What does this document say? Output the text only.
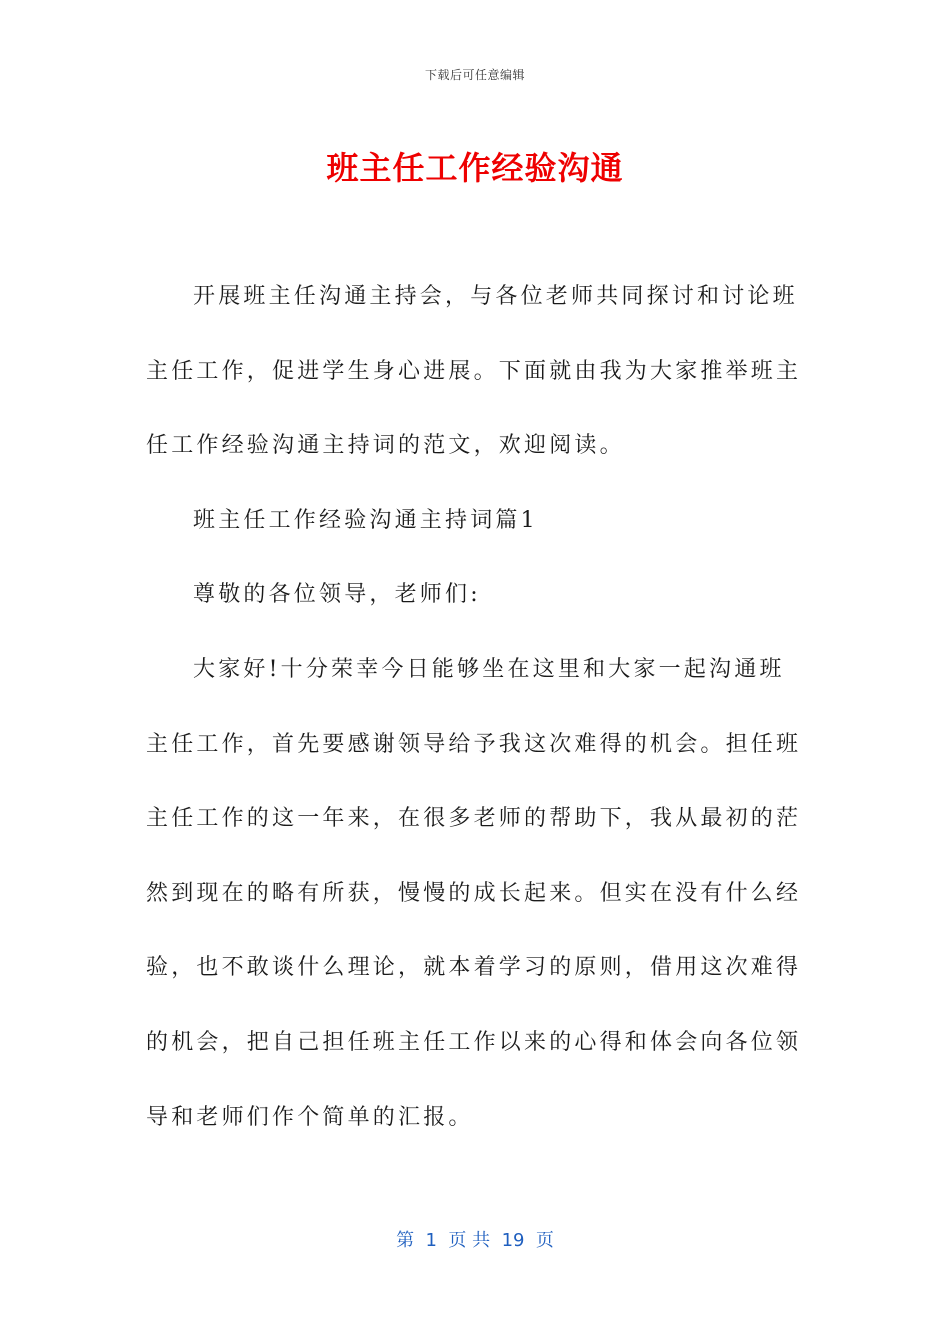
下载后可任意编辑
班主任工作经验沟通

开展班主任沟通主持会，与各位老师共同探讨和讨论班主任工作，促进学生身心进展。下面就由我为大家推举班主任工作经验沟通主持词的范文，欢迎阅读。

班主任工作经验沟通主持词篇1

尊敬的各位领导，老师们:

大家好!十分荣幸今日能够坐在这里和大家一起沟通班主任工作，首先要感谢领导给予我这次难得的机会。担任班主任工作的这一年来，在很多老师的帮助下，我从最初的茫然到现在的略有所获，慢慢的成长起来。但实在没有什么经验，也不敢谈什么理论，就本着学习的原则，借用这次难得的机会，把自己担任班主任工作以来的心得和体会向各位领导和老师们作个简单的汇报。

第  1  页 共  19  页
